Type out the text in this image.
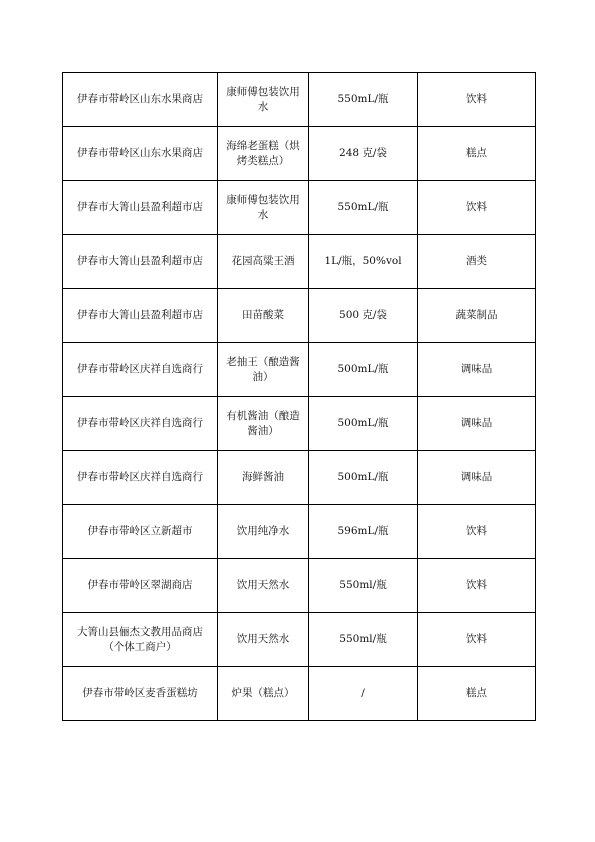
伊春市带岭区山东水果商店	康师傅包装饮用水	550mL/瓶	饮料
伊春市带岭区山东水果商店	海绵老蛋糕（烘烤类糕点）	248 克/袋	糕点
伊春市大箐山县盈利超市店	康师傅包装饮用水	550mL/瓶	饮料
伊春市大箐山县盈利超市店	花园高粱王酒	1L/瓶，50%vol	酒类
伊春市大箐山县盈利超市店	田苗酸菜	500 克/袋	蔬菜制品
伊春市带岭区庆祥自选商行	老抽王（酿造酱油）	500mL/瓶	调味品
伊春市带岭区庆祥自选商行	有机酱油（酿造酱油）	500mL/瓶	调味品
伊春市带岭区庆祥自选商行	海鲜酱油	500mL/瓶	调味品
伊春市带岭区立新超市	饮用纯净水	596mL/瓶	饮料
伊春市带岭区翠湖商店	饮用天然水	550ml/瓶	饮料
大箐山县俪杰文教用品商店（个体工商户）	饮用天然水	550ml/瓶	饮料
伊春市带岭区麦香蛋糕坊	炉果（糕点）	/	糕点
